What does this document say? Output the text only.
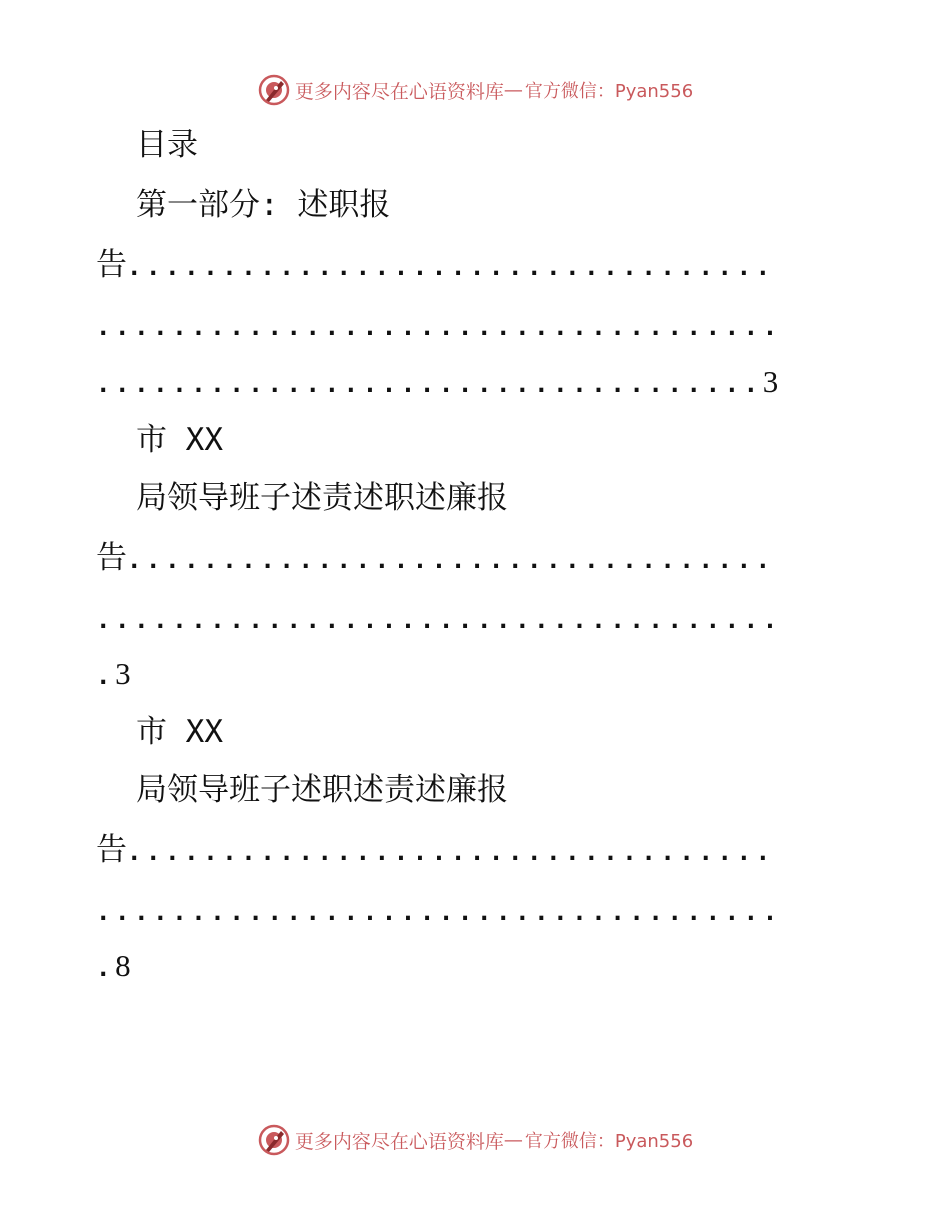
更多内容尽在心语资料库 — 官方微信：Pyan556
目录
第一部分: 述职报
告..................................
....................................
...................................3
市 XX
局领导班子述责述职述廉报
告..................................
....................................
.3
市 XX
局领导班子述职述责述廉报
告..................................
....................................
.8
更多内容尽在心语资料库 — 官方微信：Pyan556
